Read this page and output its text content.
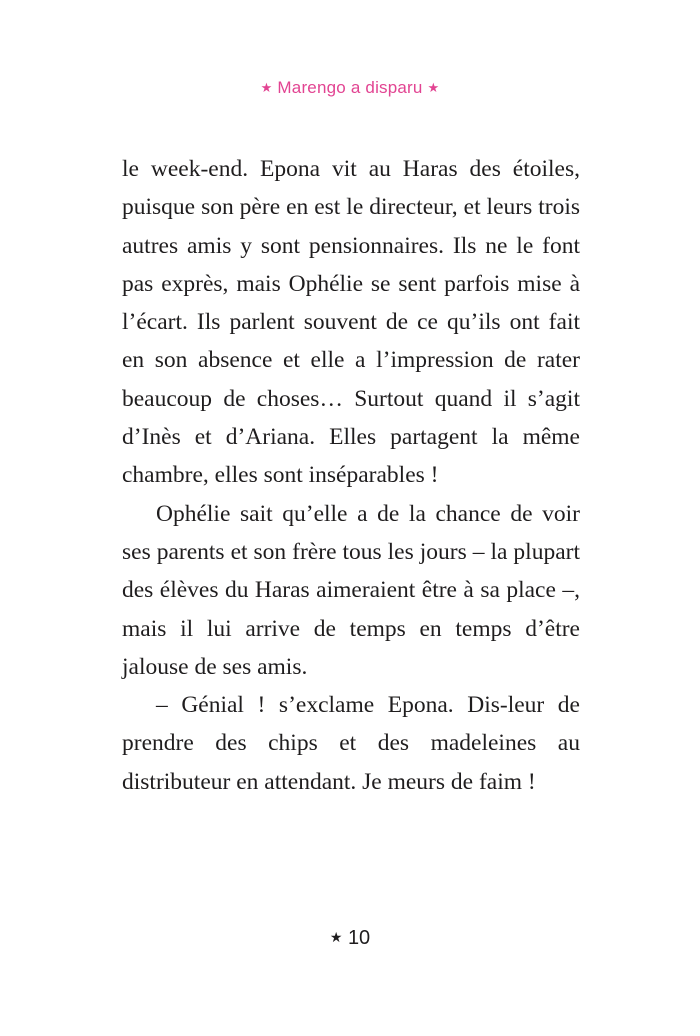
★ Marengo a disparu ★

le week-end. Epona vit au Haras des étoiles, puisque son père en est le directeur, et leurs trois autres amis y sont pensionnaires. Ils ne le font pas exprès, mais Ophélie se sent parfois mise à l’écart. Ils parlent souvent de ce qu’ils ont fait en son absence et elle a l’impression de rater beaucoup de choses… Surtout quand il s’agit d’Inès et d’Ariana. Elles partagent la même chambre, elles sont inséparables !

Ophélie sait qu’elle a de la chance de voir ses parents et son frère tous les jours – la plupart des élèves du Haras aimeraient être à sa place –, mais il lui arrive de temps en temps d’être jalouse de ses amis.

– Génial ! s’exclame Epona. Dis-leur de prendre des chips et des madeleines au distributeur en attendant. Je meurs de faim !

★ 10
